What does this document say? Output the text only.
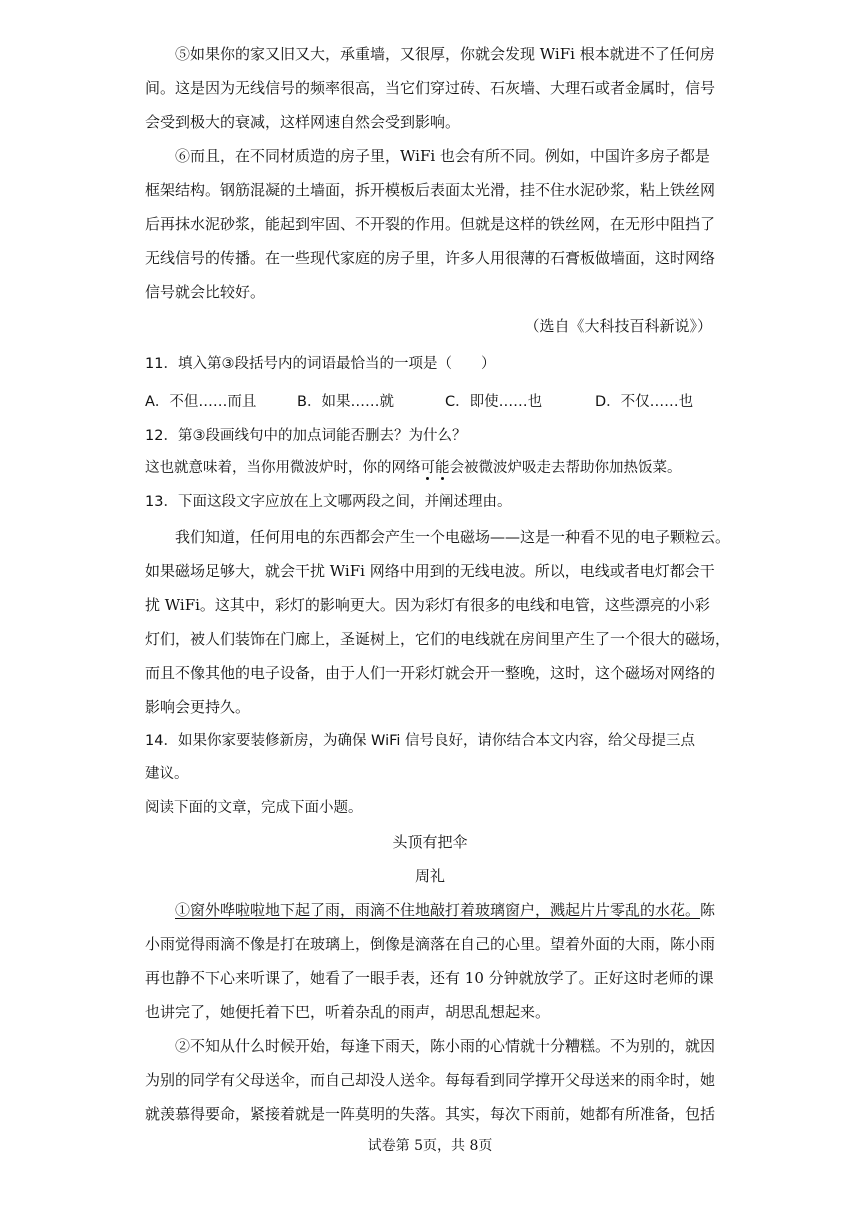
⑤如果你的家又旧又大，承重墙，又很厚，你就会发现 WiFi 根本就进不了任何房
间。这是因为无线信号的频率很高，当它们穿过砖、石灰墙、大理石或者金属时，信号
会受到极大的衰减，这样网速自然会受到影响。
⑥而且，在不同材质造的房子里，WiFi 也会有所不同。例如，中国许多房子都是
框架结构。钢筋混凝的土墙面，拆开模板后表面太光滑，挂不住水泥砂浆，粘上铁丝网
后再抹水泥砂浆，能起到牢固、不开裂的作用。但就是这样的铁丝网，在无形中阻挡了
无线信号的传播。在一些现代家庭的房子里，许多人用很薄的石膏板做墙面，这时网络
信号就会比较好。
（选自《大科技百科新说》）
11．填入第③段括号内的词语最恰当的一项是（　　）
A．不但……而且	B．如果……就	C．即使……也	D．不仅……也
12．第③段画线句中的加点词能否删去？为什么？
这也就意味着，当你用微波炉时，你的网络可能会被微波炉吸走去帮助你加热饭菜。
13．下面这段文字应放在上文哪两段之间，并阐述理由。
我们知道，任何用电的东西都会产生一个电磁场——这是一种看不见的电子颗粒云。
如果磁场足够大，就会干扰 WiFi 网络中用到的无线电波。所以，电线或者电灯都会干
扰 WiFi。这其中，彩灯的影响更大。因为彩灯有很多的电线和电管，这些漂亮的小彩
灯们，被人们装饰在门廊上，圣诞树上，它们的电线就在房间里产生了一个很大的磁场，
而且不像其他的电子设备，由于人们一开彩灯就会开一整晚，这时，这个磁场对网络的
影响会更持久。
14．如果你家要装修新房，为确保 WiFi 信号良好，请你结合本文内容，给父母提三点
建议。
阅读下面的文章，完成下面小题。
头顶有把伞
周礼
①窗外哗啦啦地下起了雨，雨滴不住地敲打着玻璃窗户，溅起片片零乱的水花。陈
小雨觉得雨滴不像是打在玻璃上，倒像是滴落在自己的心里。望着外面的大雨，陈小雨
再也静不下心来听课了，她看了一眼手表，还有 10 分钟就放学了。正好这时老师的课
也讲完了，她便托着下巴，听着杂乱的雨声，胡思乱想起来。
②不知从什么时候开始，每逢下雨天，陈小雨的心情就十分糟糕。不为别的，就因
为别的同学有父母送伞，而自己却没人送伞。每每看到同学撑开父母送来的雨伞时，她
就羡慕得要命，紧接着就是一阵莫明的失落。其实，每次下雨前，她都有所准备，包括
试卷第 5页，共 8页
